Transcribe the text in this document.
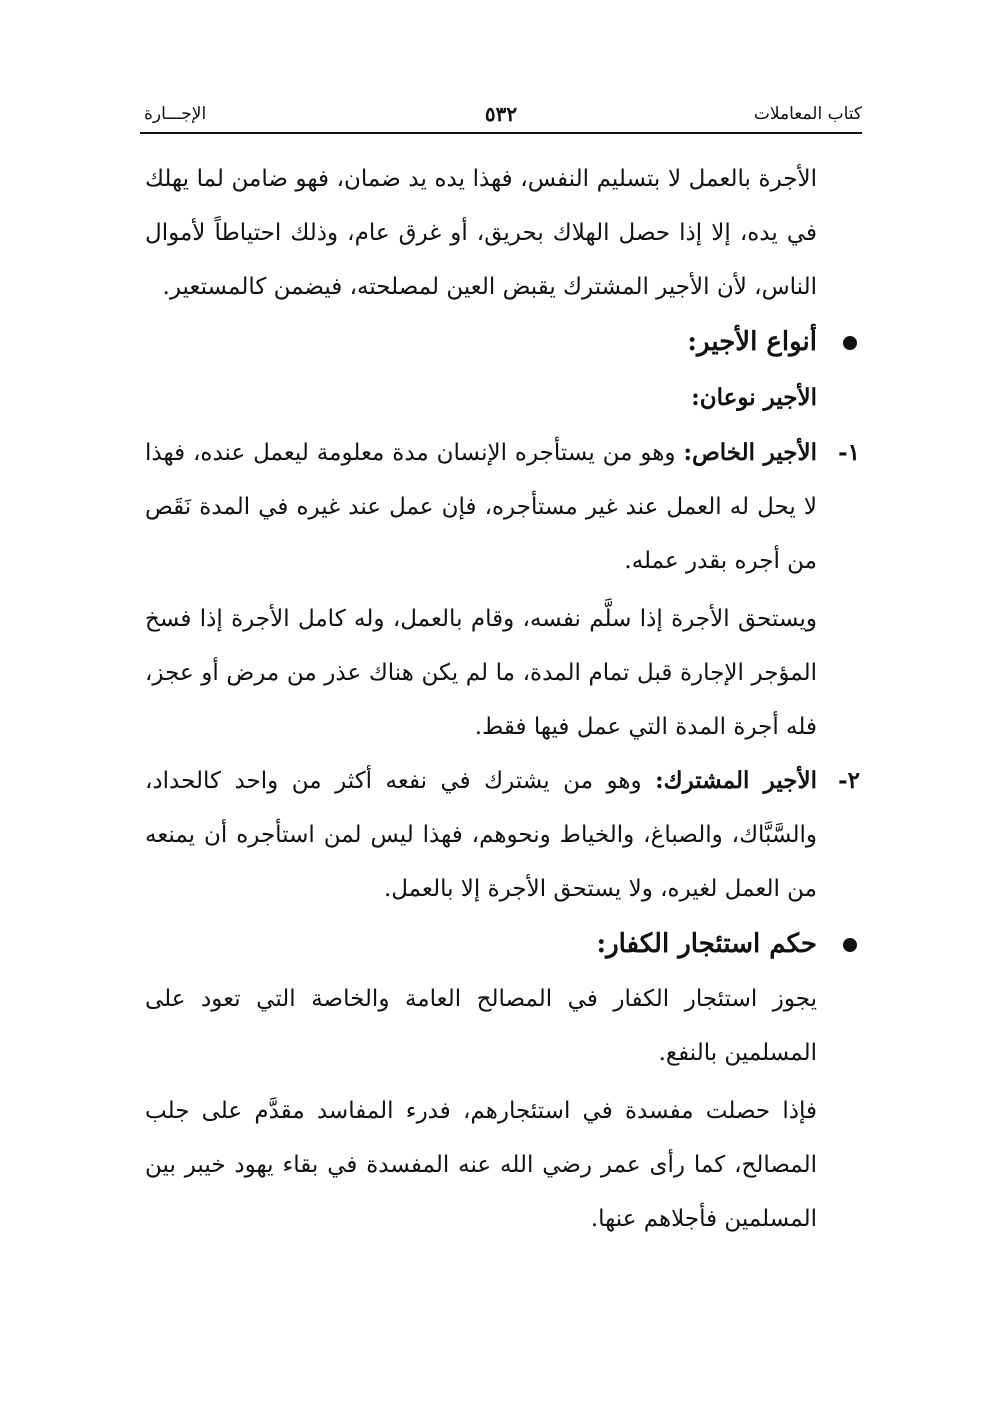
كتاب المعاملات
٥٣٢
الإجـــارة

الأجرة بالعمل لا بتسليم النفس، فهذا يده يد ضمان، فهو ضامن لما يهلك في يده، إلا إذا حصل الهلاك بحريق، أو غرق عام، وذلك احتياطاً لأموال الناس، لأن الأجير المشترك يقبض العين لمصلحته، فيضمن كالمستعير.

أنواع الأجير:

الأجير نوعان:

١-

الأجير الخاص: وهو من يستأجره الإنسان مدة معلومة ليعمل عنده، فهذا لا يحل له العمل عند غير مستأجره، فإن عمل عند غيره في المدة نَقَص من أجره بقدر عمله.

ويستحق الأجرة إذا سلَّم نفسه، وقام بالعمل، وله كامل الأجرة إذا فسخ المؤجر الإجارة قبل تمام المدة، ما لم يكن هناك عذر من مرض أو عجز، فله أجرة المدة التي عمل فيها فقط.

٢-

الأجير المشترك: وهو من يشترك في نفعه أكثر من واحد كالحداد، والسَّبَّاك، والصباغ، والخياط ونحوهم، فهذا ليس لمن استأجره أن يمنعه من العمل لغيره، ولا يستحق الأجرة إلا بالعمل.

حكم استئجار الكفار:

يجوز استئجار الكفار في المصالح العامة والخاصة التي تعود على المسلمين بالنفع.

فإذا حصلت مفسدة في استئجارهم، فدرء المفاسد مقدَّم على جلب المصالح، كما رأى عمر رضي الله عنه المفسدة في بقاء يهود خيبر بين المسلمين فأجلاهم عنها.
